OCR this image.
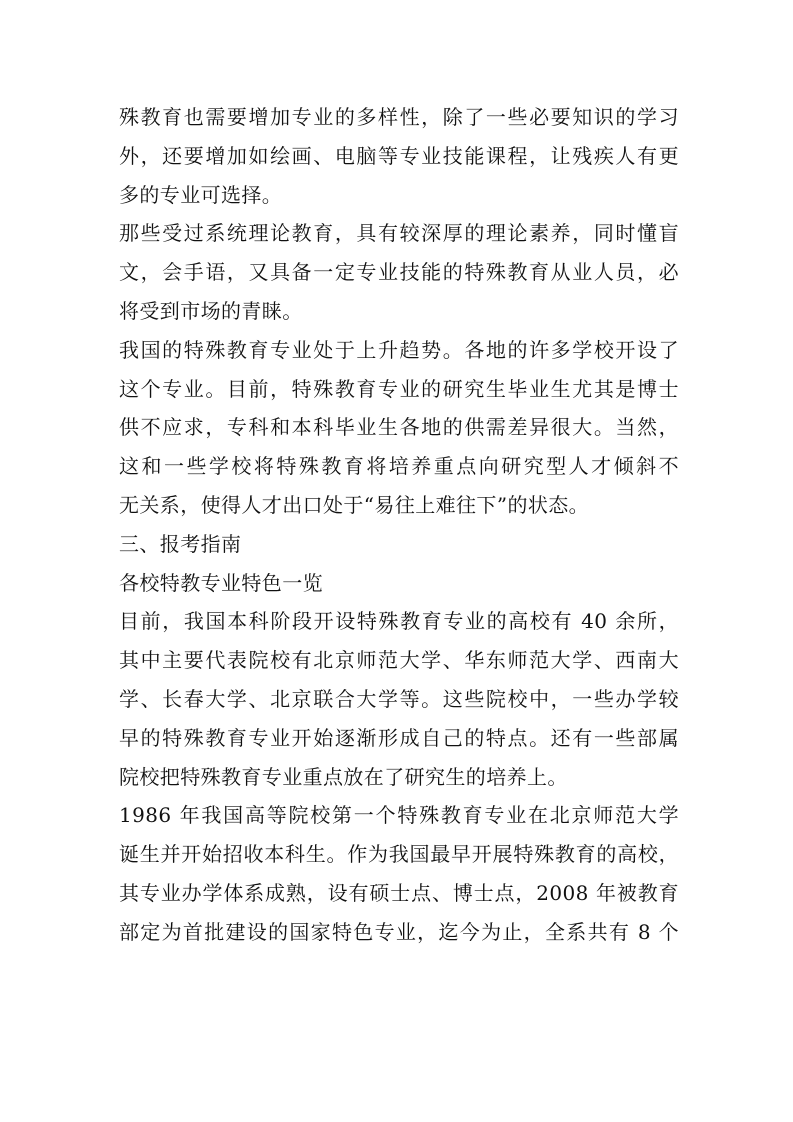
殊教育也需要增加专业的多样性，除了一些必要知识的学习
外，还要增加如绘画、电脑等专业技能课程，让残疾人有更
多的专业可选择。
那些受过系统理论教育，具有较深厚的理论素养，同时懂盲
文，会手语，又具备一定专业技能的特殊教育从业人员，必
将受到市场的青睐。
我国的特殊教育专业处于上升趋势。各地的许多学校开设了
这个专业。目前，特殊教育专业的研究生毕业生尤其是博士
供不应求，专科和本科毕业生各地的供需差异很大。当然，
这和一些学校将特殊教育将培养重点向研究型人才倾斜不
无关系，使得人才出口处于“易往上难往下”的状态。
三、报考指南
各校特教专业特色一览
目前，我国本科阶段开设特殊教育专业的高校有 40 余所，
其中主要代表院校有北京师范大学、华东师范大学、西南大
学、长春大学、北京联合大学等。这些院校中，一些办学较
早的特殊教育专业开始逐渐形成自己的特点。还有一些部属
院校把特殊教育专业重点放在了研究生的培养上。
1986 年我国高等院校第一个特殊教育专业在北京师范大学
诞生并开始招收本科生。作为我国最早开展特殊教育的高校，
其专业办学体系成熟，设有硕士点、博士点，2008 年被教育
部定为首批建设的国家特色专业，迄今为止，全系共有 8 个
